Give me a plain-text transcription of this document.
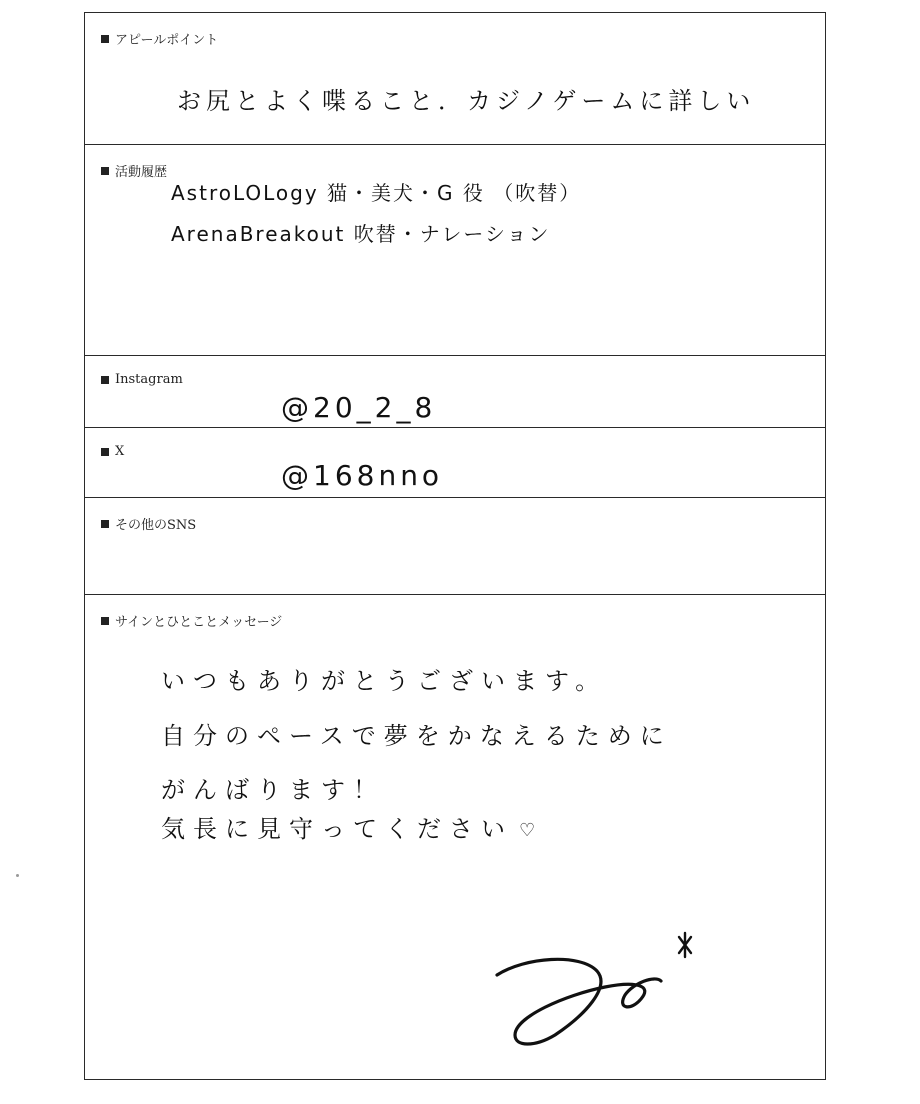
アピールポイント
お尻とよく喋ること．カジノゲームに詳しい
活動履歴
AstroLOLogy 猫・美犬・G 役 （吹替）
ArenaBreakout 吹替・ナレーション
Instagram
@20_2_8
X
@168nno
その他のSNS
サインとひとことメッセージ
いつもありがとうございます。
自分のペースで夢をかなえるために
がんばります！
気長に見守ってください ♡
